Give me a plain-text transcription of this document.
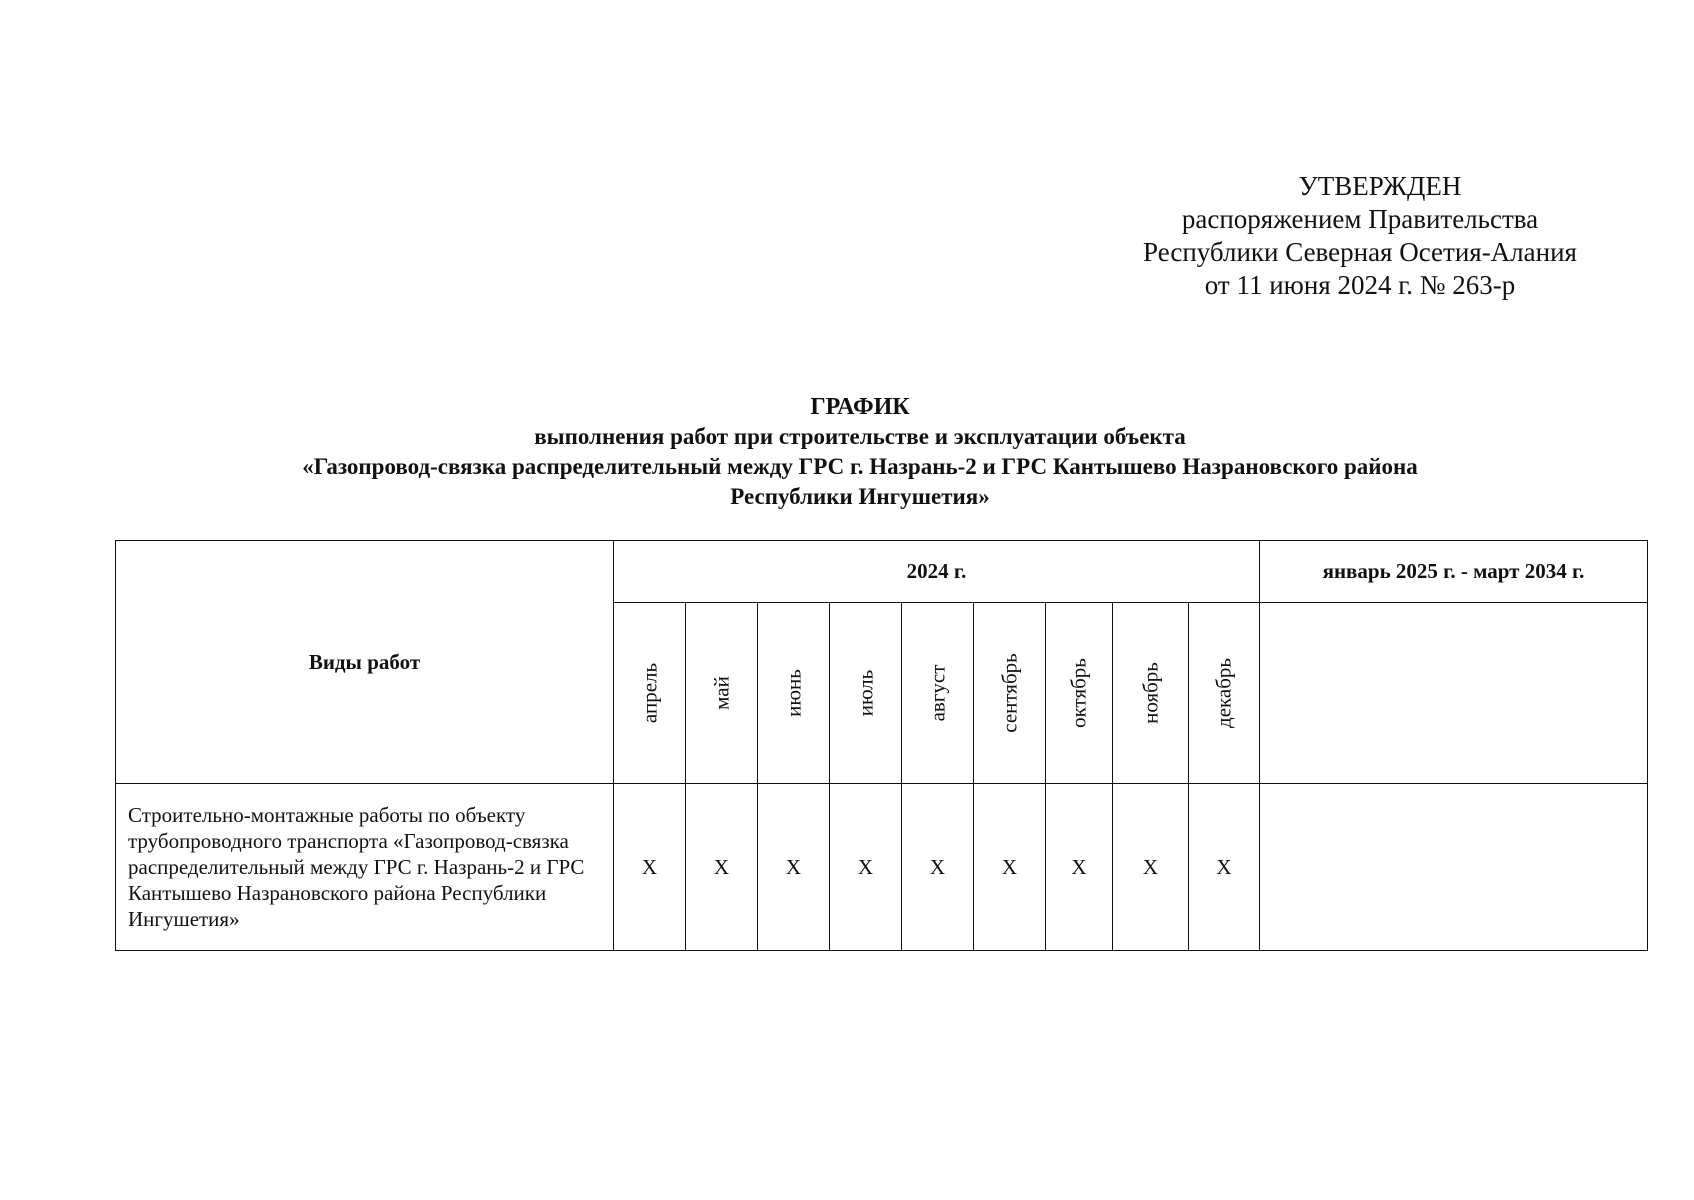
УТВЕРЖДЕН
распоряжением Правительства
Республики Северная Осетия-Алания
от 11 июня 2024 г. № 263-р
ГРАФИК
выполнения работ при строительстве и эксплуатации объекта
«Газопровод-связка распределительный между ГРС г. Назрань-2 и ГРС Кантышево Назрановского района
Республики Ингушетия»
Виды работ	2024 г.									январь 2025 г. - март 2034 г.

	апрель	май	июнь	июль	август	сентябрь	октябрь	ноябрь	декабрь	

Строительно-монтажные работы по объекту трубопроводного транспорта «Газопровод-связка распределительный между ГРС г. Назрань-2 и ГРС Кантышево Назрановского района Республики Ингушетия»	X	X	X	X	X	X	X	X	X	
